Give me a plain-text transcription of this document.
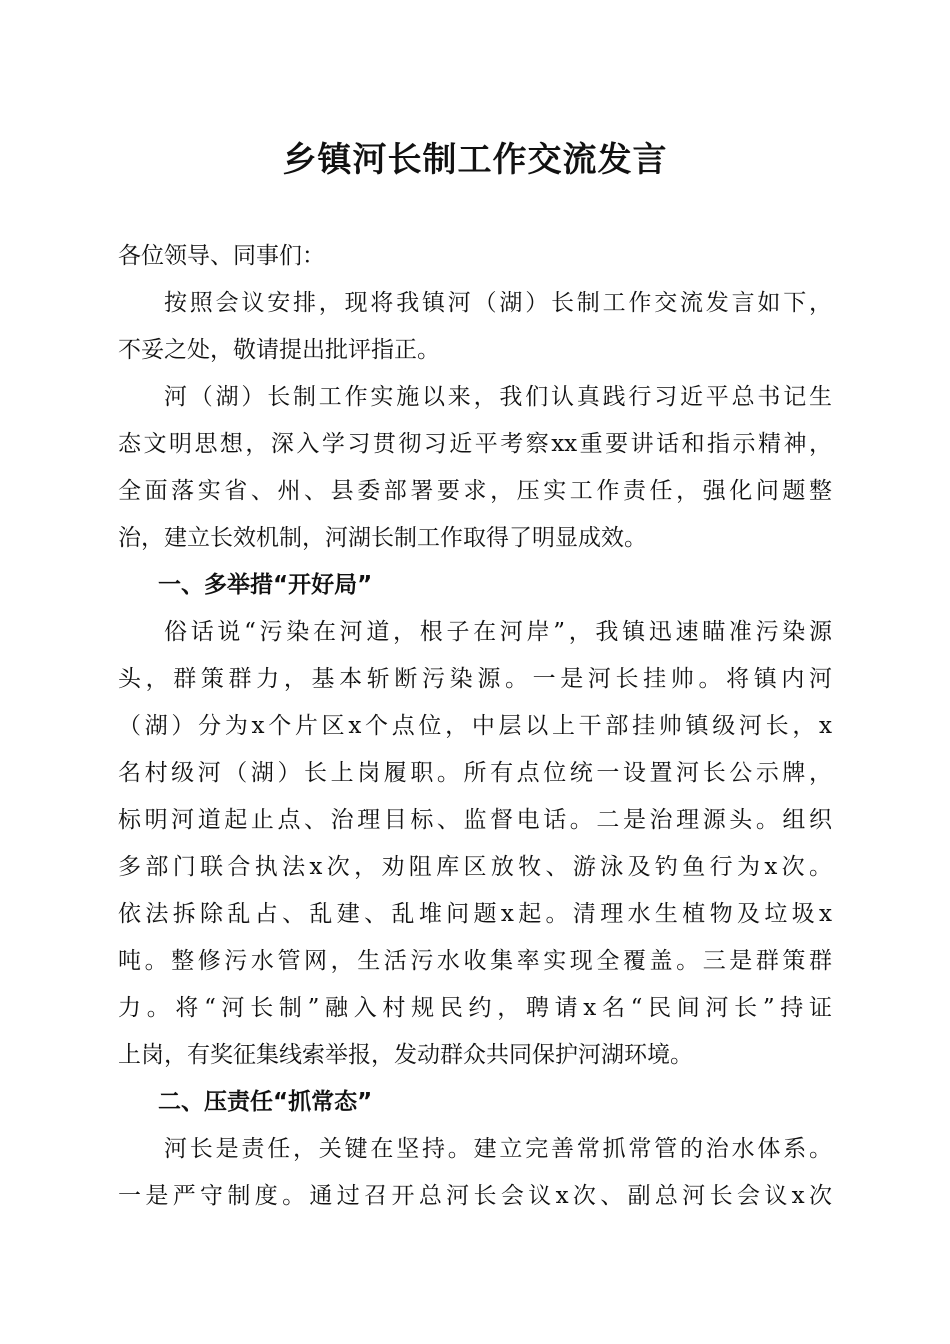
乡镇河长制工作交流发言
各位领导、同事们：
按照会议安排，现将我镇河（湖）长制工作交流发言如下，
不妥之处，敬请提出批评指正。
河（湖）长制工作实施以来，我们认真践行习近平总书记生
态文明思想，深入学习贯彻习近平考察xx重要讲话和指示精神，
全面落实省、州、县委部署要求，压实工作责任，强化问题整
治，建立长效机制，河湖长制工作取得了明显成效。
一、多举措“开好局”
俗话说“污染在河道，根子在河岸”，我镇迅速瞄准污染源
头，群策群力，基本斩断污染源。一是河长挂帅。将镇内河
（湖）分为x个片区x个点位，中层以上干部挂帅镇级河长，x
名村级河（湖）长上岗履职。所有点位统一设置河长公示牌，
标明河道起止点、治理目标、监督电话。二是治理源头。组织
多部门联合执法x次，劝阻库区放牧、游泳及钓鱼行为x次。
依法拆除乱占、乱建、乱堆问题x起。清理水生植物及垃圾x
吨。整修污水管网，生活污水收集率实现全覆盖。三是群策群
力。将“河长制”融入村规民约，聘请x名“民间河长”持证
上岗，有奖征集线索举报，发动群众共同保护河湖环境。
二、压责任“抓常态”
河长是责任，关键在坚持。建立完善常抓常管的治水体系。
一是严守制度。通过召开总河长会议x次、副总河长会议x次
